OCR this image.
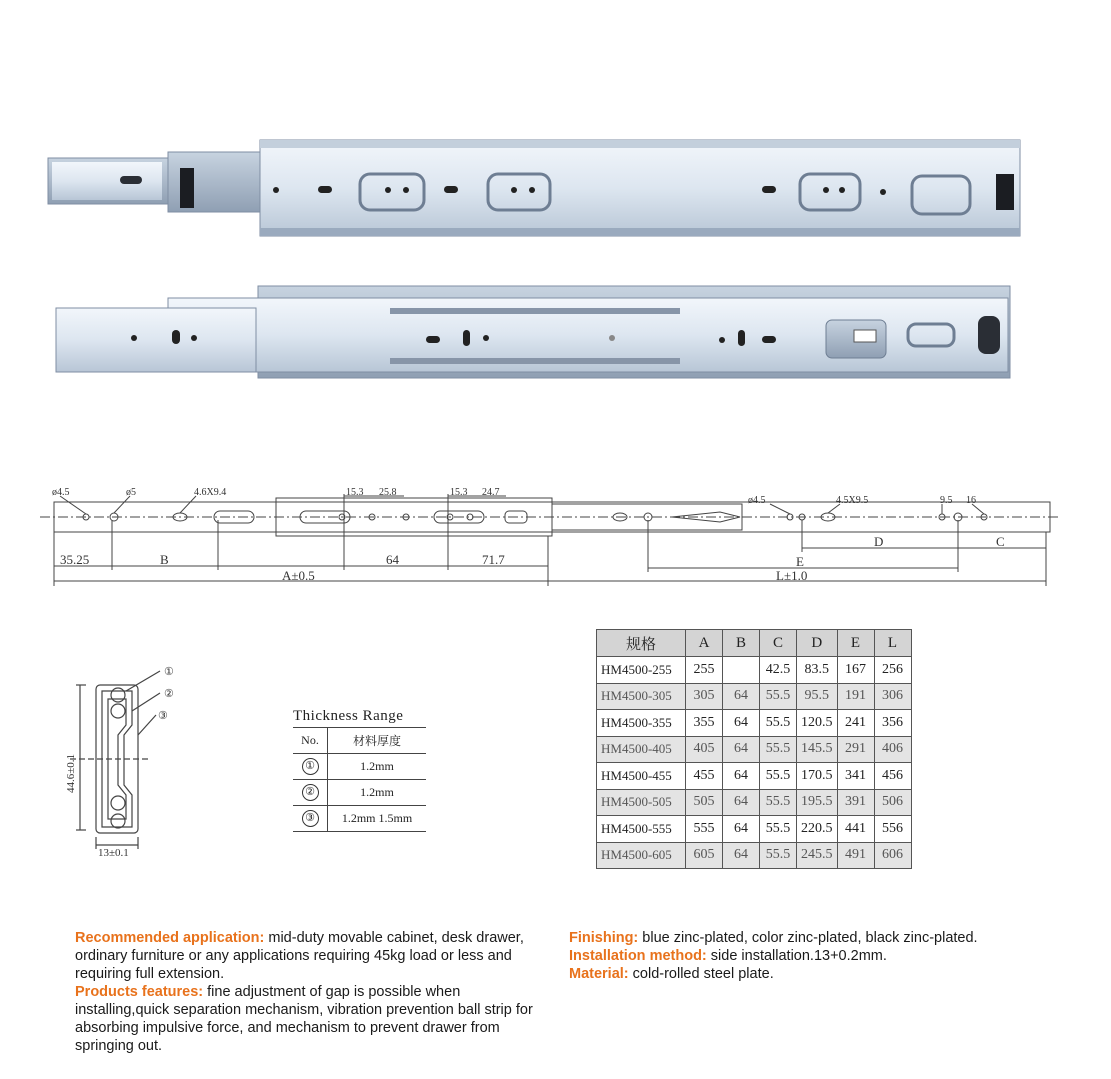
ø4.5	ø5	4.6X9.4	15.3 25.8	15.3 24.7
ø4.5	4.5X9.5	9.5 16
35.25	B	64	71.7
A±0.5
E
D	C
L±1.0
①
②
③
44.6±0.1
13±0.1
Thickness Range
No.	材料厚度
①	1.2mm
②	1.2mm
③	1.2mm 1.5mm
规格	A	B	C	D	E	L
HM4500-255	255		42.5	83.5	167	256
HM4500-305	305	64	55.5	95.5	191	306
HM4500-355	355	64	55.5	120.5	241	356
HM4500-405	405	64	55.5	145.5	291	406
HM4500-455	455	64	55.5	170.5	341	456
HM4500-505	505	64	55.5	195.5	391	506
HM4500-555	555	64	55.5	220.5	441	556
HM4500-605	605	64	55.5	245.5	491	606
Recommended application: mid-duty movable cabinet, desk drawer, ordinary furniture or any applications requiring 45kg load or less and requiring full extension.
Products features: fine adjustment of gap is possible when installing,quick separation mechanism, vibration prevention ball strip for absorbing impulsive force, and mechanism to prevent drawer from springing out.
Finishing: blue zinc-plated, color zinc-plated, black zinc-plated.
Installation method: side installation.13+0.2mm.
Material: cold-rolled steel plate.
